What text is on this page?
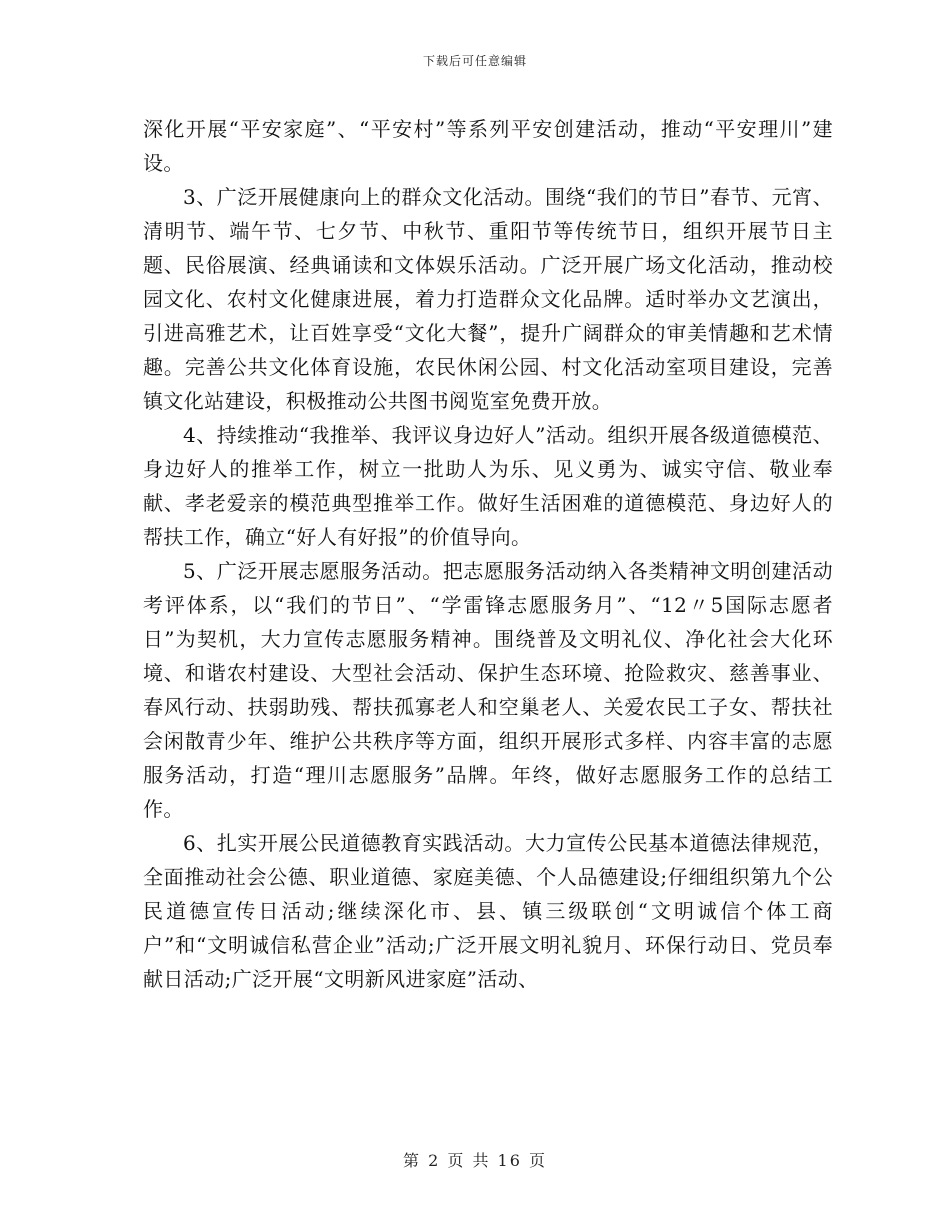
下载后可任意编辑

深化开展“平安家庭”、“平安村”等系列平安创建活动，推动“平安理川”建设。

3、广泛开展健康向上的群众文化活动。围绕“我们的节日”春节、元宵、清明节、端午节、七夕节、中秋节、重阳节等传统节日，组织开展节日主题、民俗展演、经典诵读和文体娱乐活动。广泛开展广场文化活动，推动校园文化、农村文化健康进展，着力打造群众文化品牌。适时举办文艺演出，引进高雅艺术，让百姓享受“文化大餐”，提升广阔群众的审美情趣和艺术情趣。完善公共文化体育设施，农民休闲公园、村文化活动室项目建设，完善镇文化站建设，积极推动公共图书阅览室免费开放。

4、持续推动“我推举、我评议身边好人”活动。组织开展各级道德模范、身边好人的推举工作，树立一批助人为乐、见义勇为、诚实守信、敬业奉献、孝老爱亲的模范典型推举工作。做好生活困难的道德模范、身边好人的帮扶工作，确立“好人有好报”的价值导向。

5、广泛开展志愿服务活动。把志愿服务活动纳入各类精神文明创建活动考评体系，以“我们的节日”、“学雷锋志愿服务月”、“12〃5国际志愿者日”为契机，大力宣传志愿服务精神。围绕普及文明礼仪、净化社会大化环境、和谐农村建设、大型社会活动、保护生态环境、抢险救灾、慈善事业、春风行动、扶弱助残、帮扶孤寡老人和空巢老人、关爱农民工子女、帮扶社会闲散青少年、维护公共秩序等方面，组织开展形式多样、内容丰富的志愿服务活动，打造“理川志愿服务”品牌。年终，做好志愿服务工作的总结工作。

6、扎实开展公民道德教育实践活动。大力宣传公民基本道德法律规范，全面推动社会公德、职业道德、家庭美德、个人品德建设;仔细组织第九个公民道德宣传日活动;继续深化市、县、镇三级联创“文明诚信个体工商户”和“文明诚信私营企业”活动;广泛开展文明礼貌月、环保行动日、党员奉献日活动;广泛开展“文明新风进家庭”活动、

第 2 页 共 16 页
